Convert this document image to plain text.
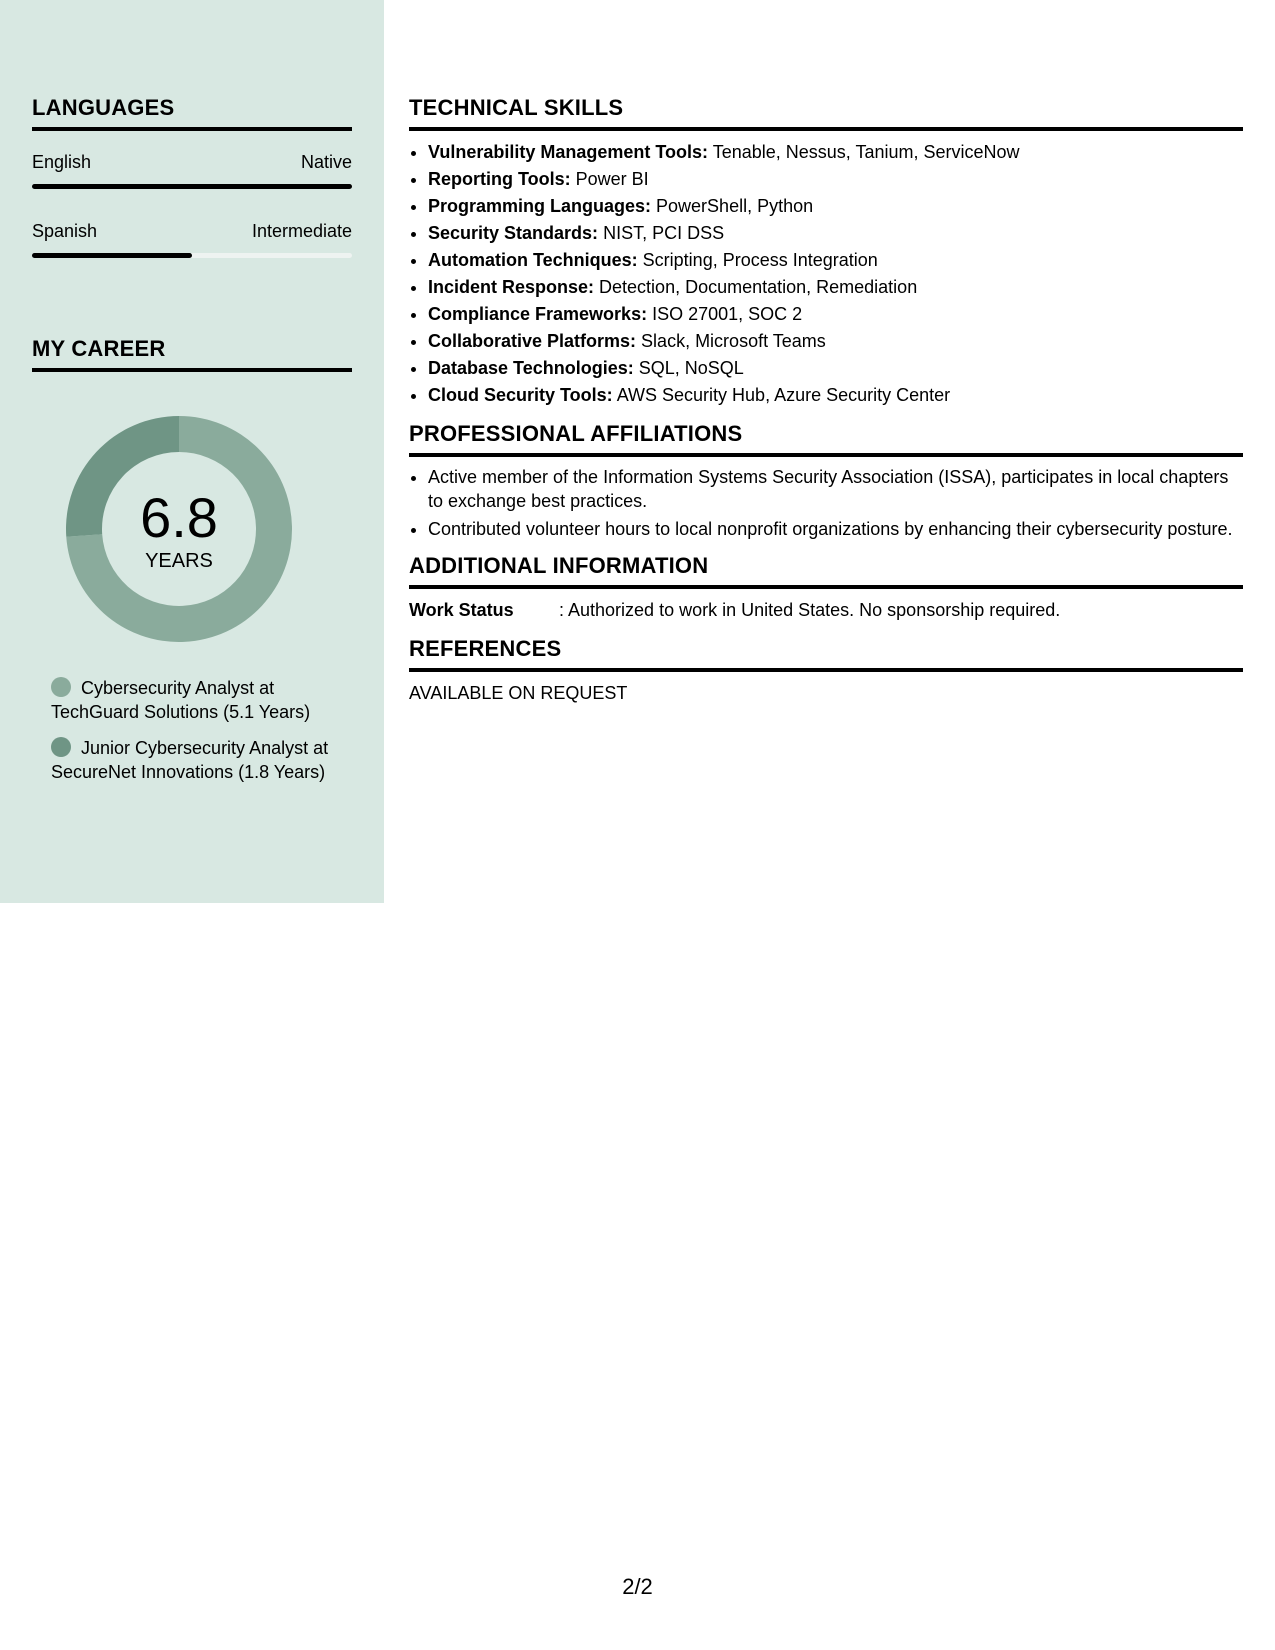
LANGUAGES
English	Native
Spanish	Intermediate
MY CAREER
6.8
YEARS
Cybersecurity Analyst at TechGuard Solutions (5.1 Years)
Junior Cybersecurity Analyst at SecureNet Innovations (1.8 Years)
TECHNICAL SKILLS
• Vulnerability Management Tools: Tenable, Nessus, Tanium, ServiceNow
• Reporting Tools: Power BI
• Programming Languages: PowerShell, Python
• Security Standards: NIST, PCI DSS
• Automation Techniques: Scripting, Process Integration
• Incident Response: Detection, Documentation, Remediation
• Compliance Frameworks: ISO 27001, SOC 2
• Collaborative Platforms: Slack, Microsoft Teams
• Database Technologies: SQL, NoSQL
• Cloud Security Tools: AWS Security Hub, Azure Security Center
PROFESSIONAL AFFILIATIONS
• Active member of the Information Systems Security Association (ISSA), participates in local chapters to exchange best practices.
• Contributed volunteer hours to local nonprofit organizations by enhancing their cybersecurity posture.
ADDITIONAL INFORMATION
Work Status	: Authorized to work in United States. No sponsorship required.
REFERENCES
AVAILABLE ON REQUEST
2/2
